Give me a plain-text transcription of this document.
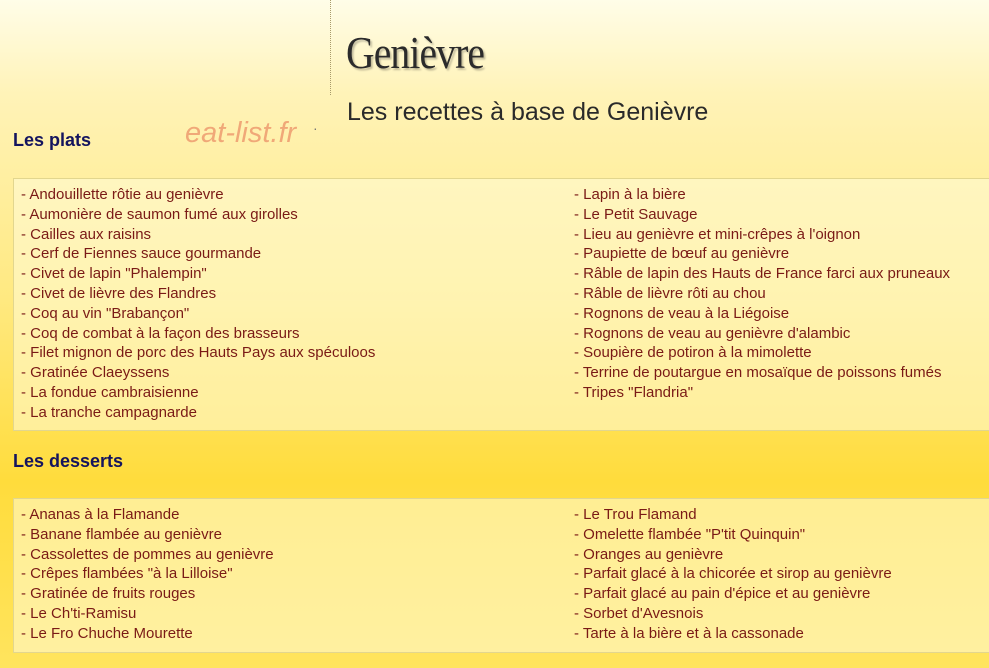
Genièvre
Les recettes à base de Genièvre
eat-list.fr ·
Les plats
- Andouillette rôtie au genièvre
- Aumonière de saumon fumé aux girolles
- Cailles aux raisins
- Cerf de Fiennes sauce gourmande
- Civet de lapin "Phalempin"
- Civet de lièvre des Flandres
- Coq au vin "Brabançon"
- Coq de combat à la façon des brasseurs
- Filet mignon de porc des Hauts Pays aux spéculoos
- Gratinée Claeyssens
- La fondue cambraisienne
- La tranche campagnarde
- Lapin à la bière
- Le Petit Sauvage
- Lieu au genièvre et mini-crêpes à l'oignon
- Paupiette de bœuf au genièvre
- Râble de lapin des Hauts de France farci aux pruneaux
- Râble de lièvre rôti au chou
- Rognons de veau à la Liégoise
- Rognons de veau au genièvre d'alambic
- Soupière de potiron à la mimolette
- Terrine de poutargue en mosaïque de poissons fumés
- Tripes "Flandria"
Les desserts
- Ananas à la Flamande
- Banane flambée au genièvre
- Cassolettes de pommes au genièvre
- Crêpes flambées "à la Lilloise"
- Gratinée de fruits rouges
- Le Ch'ti-Ramisu
- Le Fro Chuche Mourette
- Le Trou Flamand
- Omelette flambée "P'tit Quinquin"
- Oranges au genièvre
- Parfait glacé à la chicorée et sirop au genièvre
- Parfait glacé au pain d'épice et au genièvre
- Sorbet d'Avesnois
- Tarte à la bière et à la cassonade
